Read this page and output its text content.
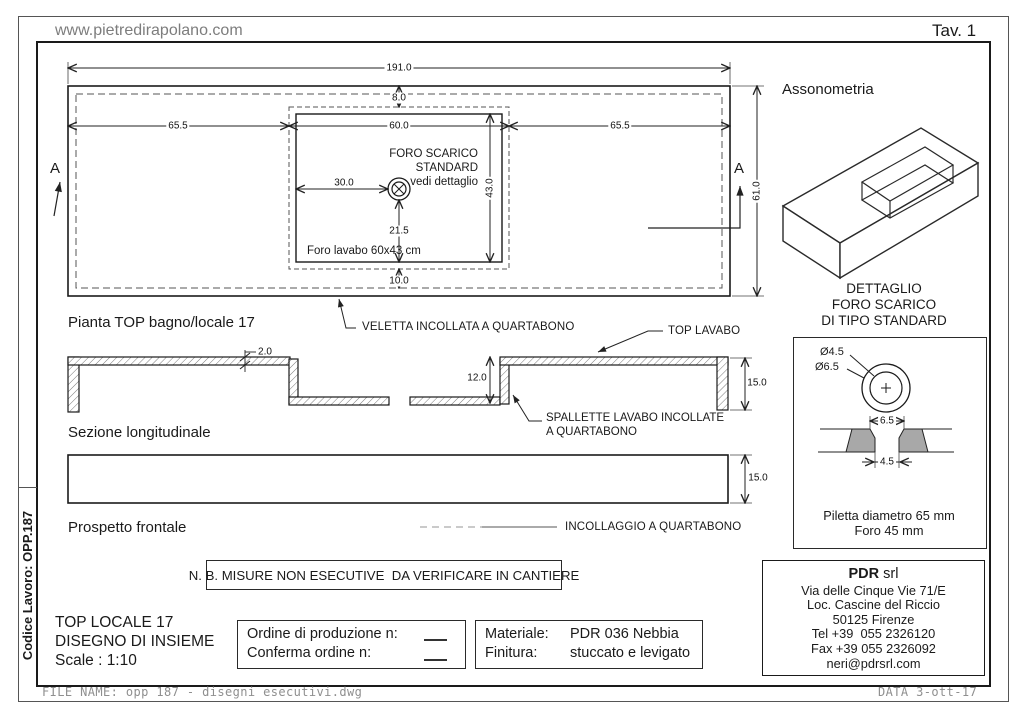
www.pietredirapolano.com	Tav. 1
Codice Lavoro: OPP.187
FILE NAME: opp 187 - disegni esecutivi.dwg	DATA 3-ott-17
191.0
65.5	60.0	65.5
8.0
30.0
21.5
43.0
10.0
61.0
A	A
FORO SCARICO
STANDARD
vedi dettaglio
Foro lavabo 60x43 cm
VELETTA INCOLLATA A QUARTABONO
Pianta TOP bagno/locale 17
2.0
12.0	15.0
TOP LAVABO
SPALLETTE LAVABO INCOLLATE
A QUARTABONO
Sezione longitudinale
15.0
Prospetto frontale	INCOLLAGGIO A QUARTABONO
N. B. MISURE NON ESECUTIVE  DA VERIFICARE IN CANTIERE
TOP LOCALE 17
DISEGNO DI INSIEME
Scale : 1:10
Ordine di produzione n:
Conferma ordine n:
Materiale: PDR 036 Nebbia
Finitura: stuccato e levigato
Assonometria
DETTAGLIO
FORO SCARICO
DI TIPO STANDARD
Ø4.5
Ø6.5
6.5
4.5
Piletta diametro 65 mm
Foro 45 mm
PDR srl
Via delle Cinque Vie 71/E
Loc. Cascine del Riccio
50125 Firenze
Tel +39  055 2326120
Fax +39 055 2326092
neri@pdrsrl.com
